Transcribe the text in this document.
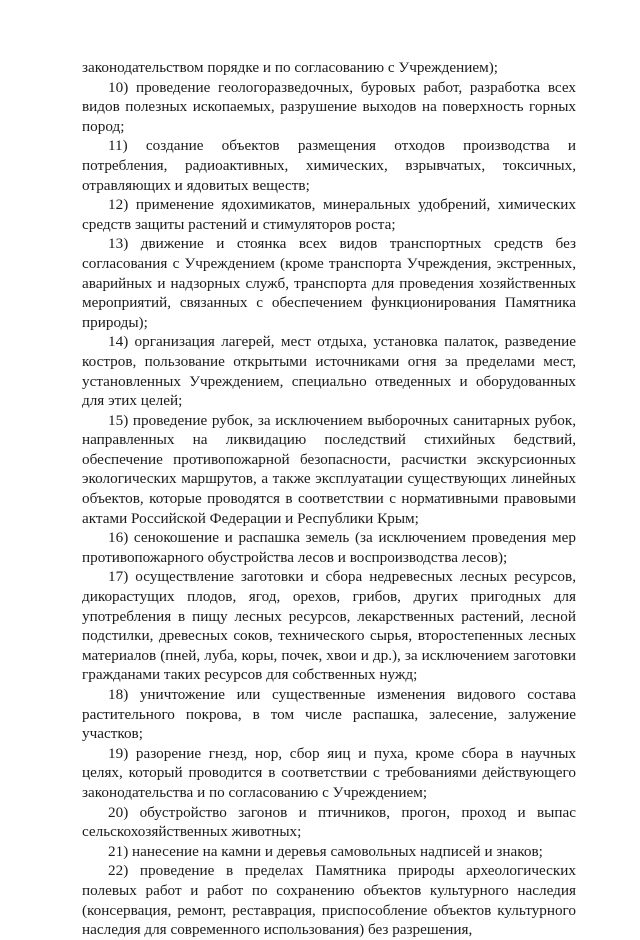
законодательством порядке и по согласованию с Учреждением);

10) проведение геологоразведочных, буровых работ, разработка всех видов полезных ископаемых, разрушение выходов на поверхность горных пород;

11) создание объектов размещения отходов производства и потребления, радиоактивных, химических, взрывчатых, токсичных, отравляющих и ядовитых веществ;

12) применение ядохимикатов, минеральных удобрений, химических средств защиты растений и стимуляторов роста;

13) движение и стоянка всех видов транспортных средств без согласования с Учреждением (кроме транспорта Учреждения, экстренных, аварийных и надзорных служб, транспорта для проведения хозяйственных мероприятий, связанных с обеспечением функционирования Памятника природы);

14) организация лагерей, мест отдыха, установка палаток, разведение костров, пользование открытыми источниками огня за пределами мест, установленных Учреждением, специально отведенных и оборудованных для этих целей;

15) проведение рубок, за исключением выборочных санитарных рубок, направленных на ликвидацию последствий стихийных бедствий, обеспечение противопожарной безопасности, расчистки экскурсионных экологических маршрутов, а также эксплуатации существующих линейных объектов, которые проводятся в соответствии с нормативными правовыми актами Российской Федерации и Республики Крым;

16) сенокошение и распашка земель (за исключением проведения мер противопожарного обустройства лесов и воспроизводства лесов);

17) осуществление заготовки и сбора недревесных лесных ресурсов, дикорастущих плодов, ягод, орехов, грибов, других пригодных для употребления в пищу лесных ресурсов, лекарственных растений, лесной подстилки, древесных соков, технического сырья, второстепенных лесных материалов (пней, луба, коры, почек, хвои и др.), за исключением заготовки гражданами таких ресурсов для собственных нужд;

18) уничтожение или существенные изменения видового состава растительного покрова, в том числе распашка, залесение, залужение участков;

19) разорение гнезд, нор, сбор яиц и пуха, кроме сбора в научных целях, который проводится в соответствии с требованиями действующего законодательства и по согласованию с Учреждением;

20) обустройство загонов и птичников, прогон, проход и выпас сельскохозяйственных животных;

21) нанесение на камни и деревья самовольных надписей и знаков;

22) проведение в пределах Памятника природы археологических полевых работ и работ по сохранению объектов культурного наследия (консервация, ремонт, реставрация, приспособление объектов культурного наследия для современного использования) без разрешения,
